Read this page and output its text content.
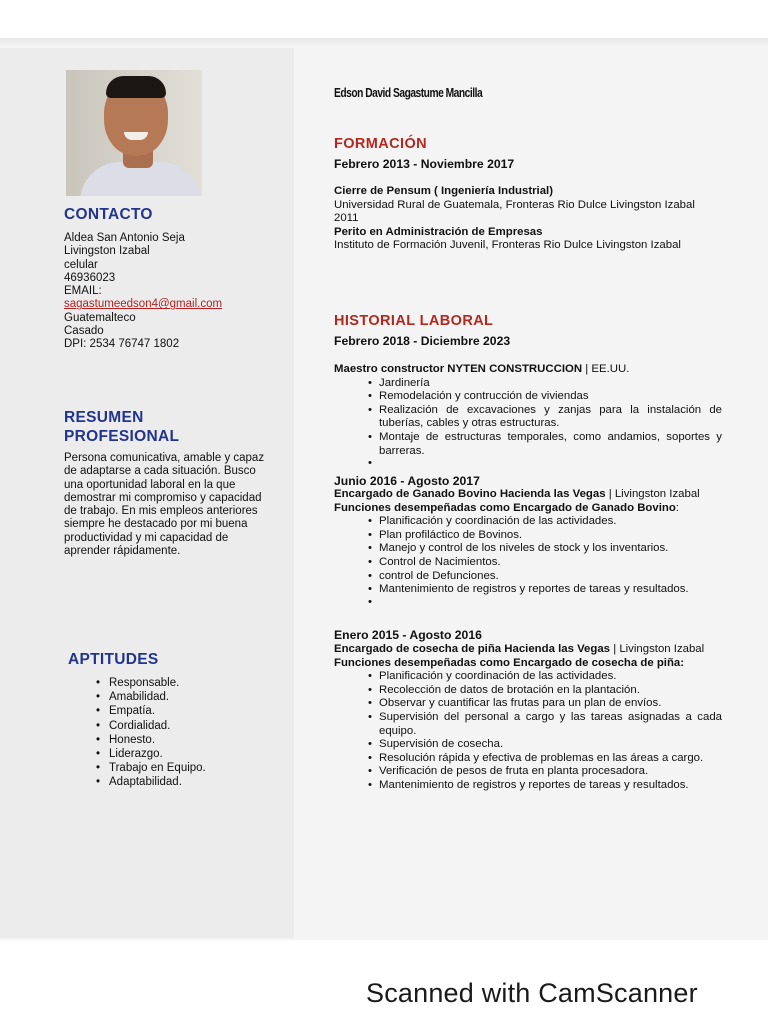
CONTACTO
Aldea San Antonio Seja
Livingston Izabal
celular
46936023
EMAIL:
sagastumeedson4@gmail.com
Guatemalteco
Casado
DPI: 2534 76747 1802
RESUMEN
PROFESIONAL

Persona comunicativa, amable y capaz de adaptarse a cada situación. Busco una oportunidad laboral en la que demostrar mi compromiso y capacidad de trabajo. En mis empleos anteriores siempre he destacado por mi buena productividad y mi capacidad de aprender rápidamente.

APTITUDES
• Responsable.
• Amabilidad.
• Empatía.
• Cordialidad.
• Honesto.
• Liderazgo.
• Trabajo en Equipo.
• Adaptabilidad.
Edson David Sagastume Mancilla
FORMACIÓN

Febrero 2013 - Noviembre 2017

Cierre de Pensum ( Ingeniería Industrial)
Universidad Rural de Guatemala, Fronteras Rio Dulce Livingston Izabal
2011
Perito en Administración de Empresas
Instituto de Formación Juvenil, Fronteras Rio Dulce Livingston Izabal
HISTORIAL LABORAL

Febrero 2018 - Diciembre 2023

Maestro constructor NYTEN CONSTRUCCION | EE.UU.
• Jardinería
• Remodelación y contrucción de viviendas
• Realización de excavaciones y zanjas para la instalación de tuberías, cables y otras estructuras.
• Montaje de estructuras temporales, como andamios, soportes y barreras.
•

Junio 2016 - Agosto 2017

Encargado de Ganado Bovino Hacienda las Vegas | Livingston Izabal
Funciones desempeñadas como Encargado de Ganado Bovino:
• Planificación y coordinación de las actividades.
• Plan profiláctico de Bovinos.
• Manejo y control de los niveles de stock y los inventarios.
• Control de Nacimientos.
• control de Defunciones.
• Mantenimiento de registros y reportes de tareas y resultados.
•

Enero 2015 - Agosto 2016

Encargado de cosecha de piña Hacienda las Vegas | Livingston Izabal
Funciones desempeñadas como Encargado de cosecha de piña:
• Planificación y coordinación de las actividades.
• Recolección de datos de brotación en la plantación.
• Observar y cuantificar las frutas para un plan de envíos.
• Supervisión del personal a cargo y las tareas asignadas a cada equipo.
• Supervisión de cosecha.
• Resolución rápida y efectiva de problemas en las áreas a cargo.
• Verificación de pesos de fruta en planta procesadora.
• Mantenimiento de registros y reportes de tareas y resultados.

Scanned with CamScanner
